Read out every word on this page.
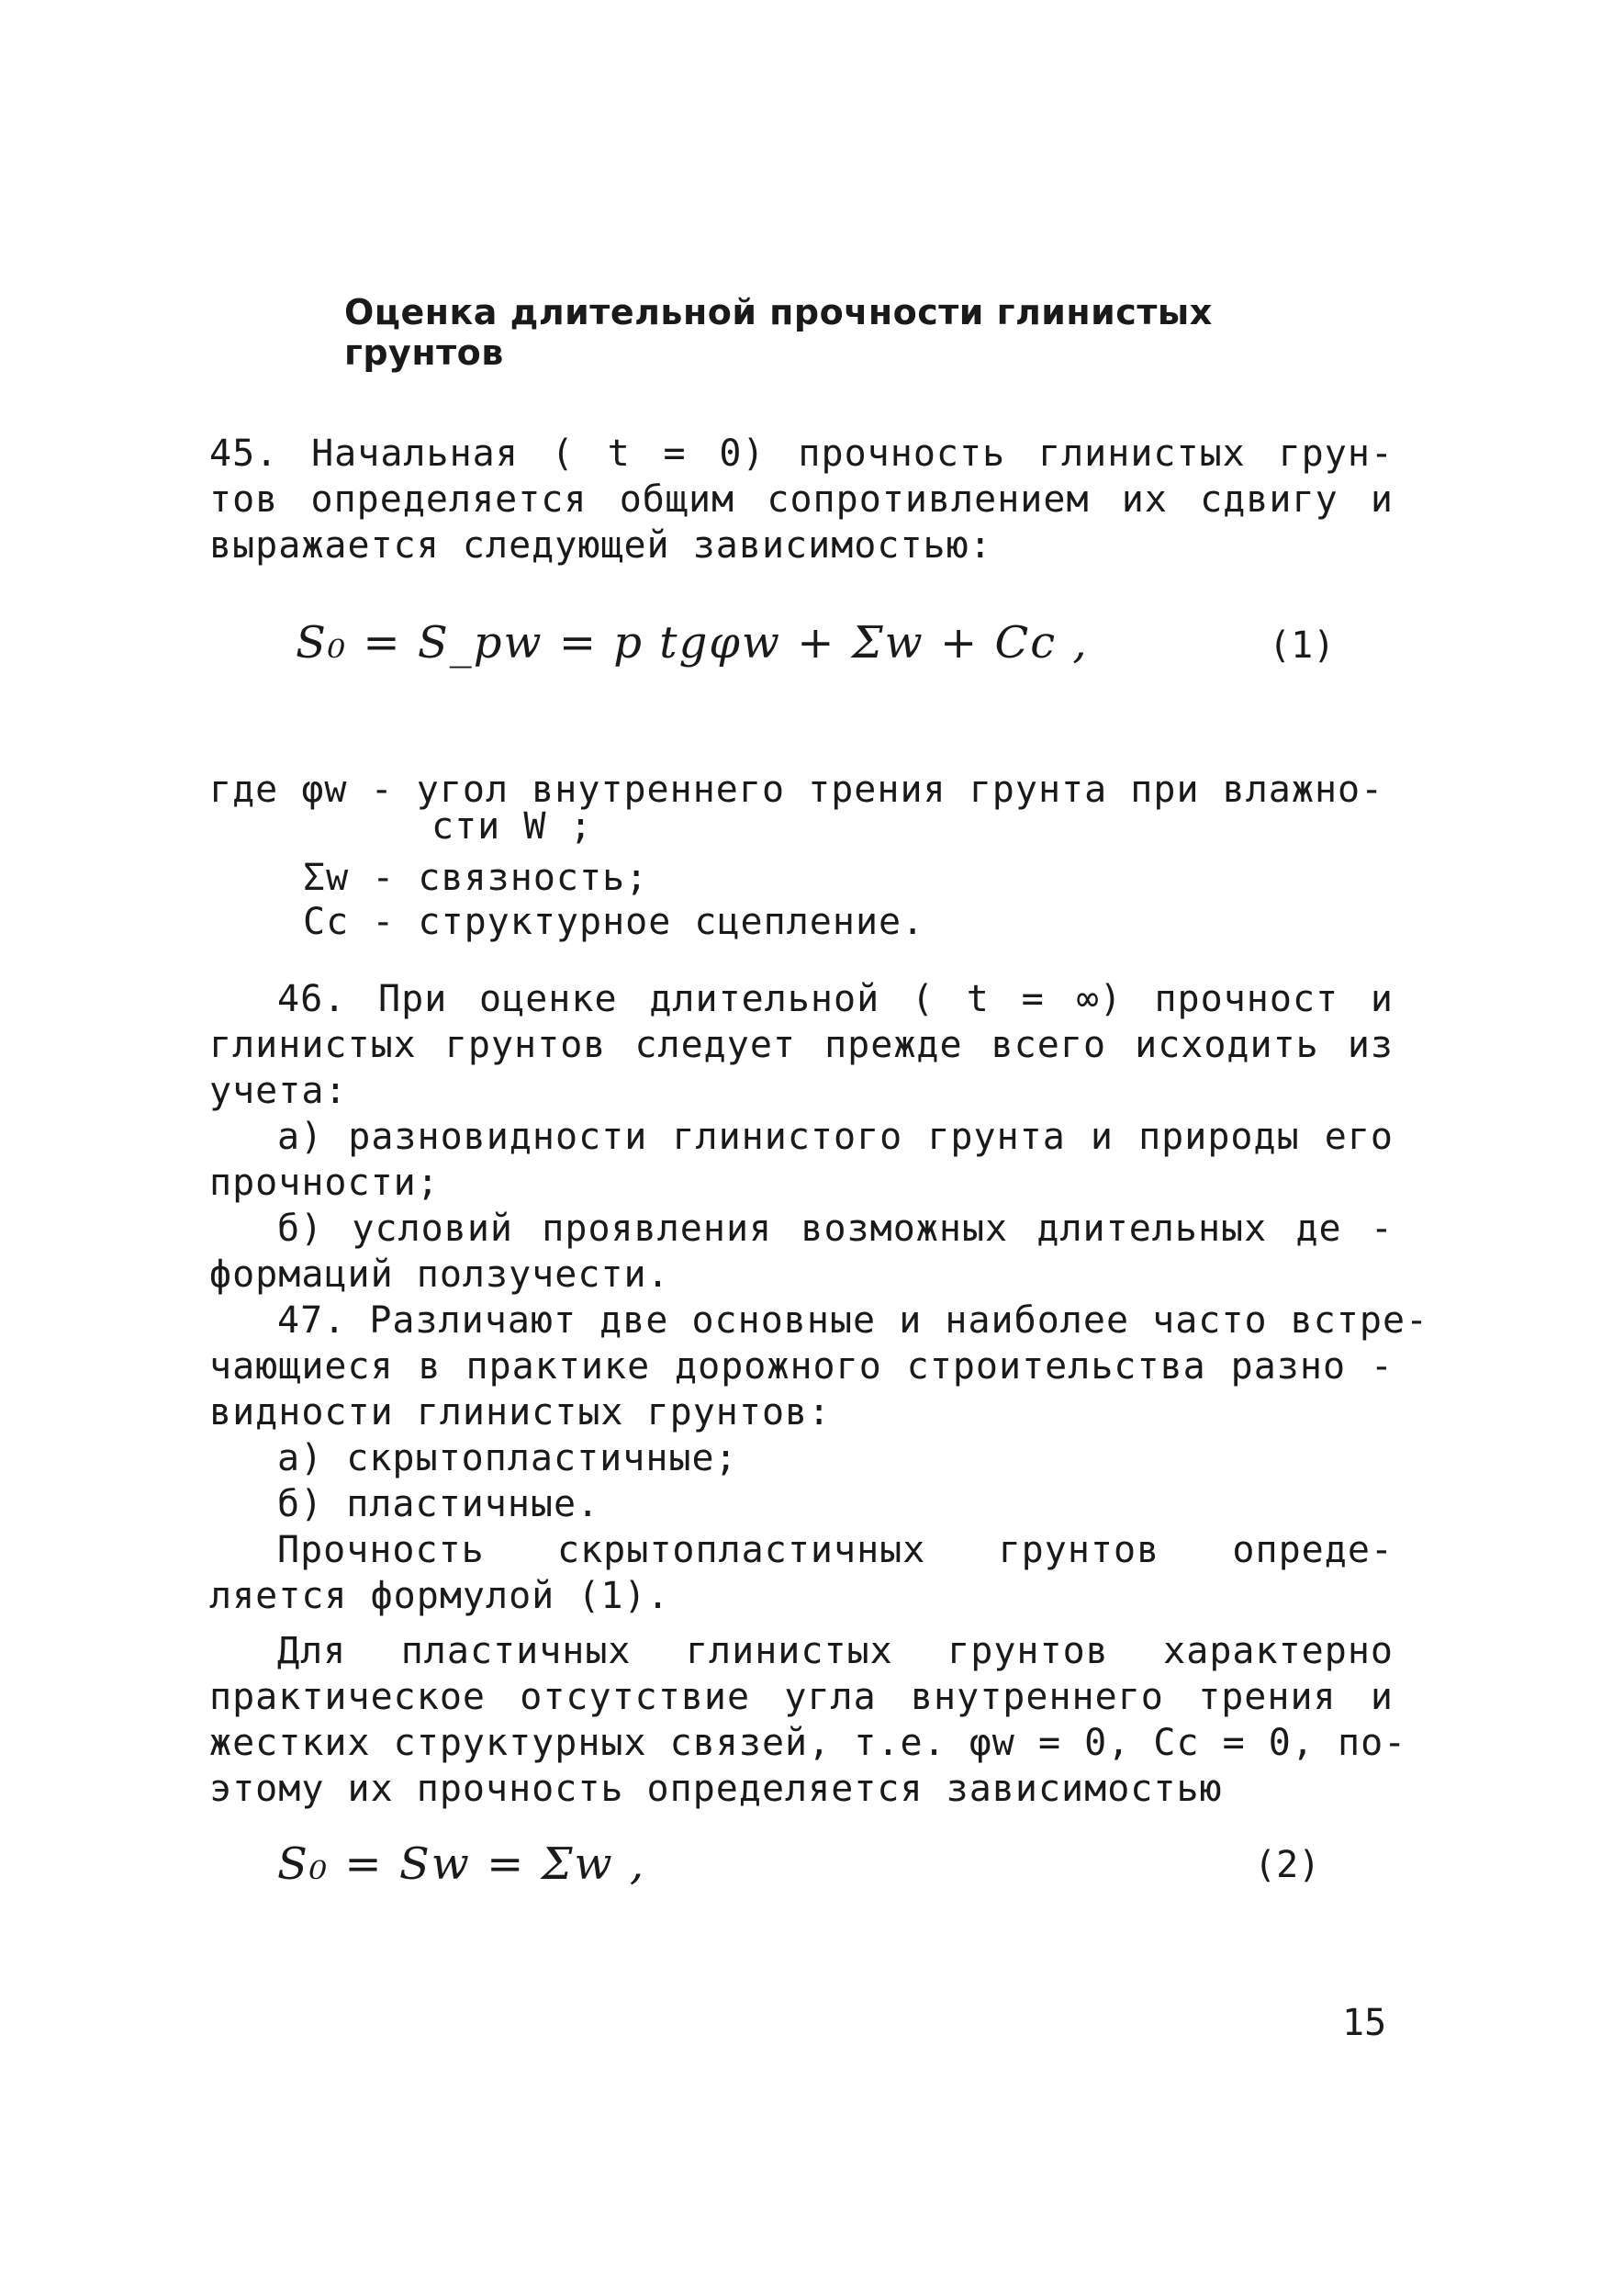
Оценка длительной прочности глинистых грунтов
45. Начальная ( t = 0) прочность глинистых грун-
тов определяется общим сопротивлением их сдвигу и
выражается следующей зависимостью:
S₀ = S_pw = p tgφw + Σw + Cc ,	(1)
где φw - угол внутреннего трения грунта при влажно-
сти W ;
Σw - связность;
Cc - структурное сцепление.
46. При оценке длительной ( t = ∞) прочност и
глинистых грунтов следует прежде всего исходить из
учета:
а) разновидности глинистого грунта и природы его
прочности;
б) условий проявления возможных длительных де -
формаций ползучести.
47. Различают две основные и наиболее часто встре-
чающиеся в практике дорожного строительства разно -
видности глинистых грунтов:
а) скрытопластичные;
б) пластичные.
Прочность скрытопластичных грунтов опреде-
ляется формулой (1).
Для пластичных глинистых грунтов характерно
практическое отсутствие угла внутреннего трения и
жестких структурных связей, т.е. φw = 0, Cc = 0, по-
этому их прочность определяется зависимостью
S₀ = Sw = Σw ,	(2)
15
